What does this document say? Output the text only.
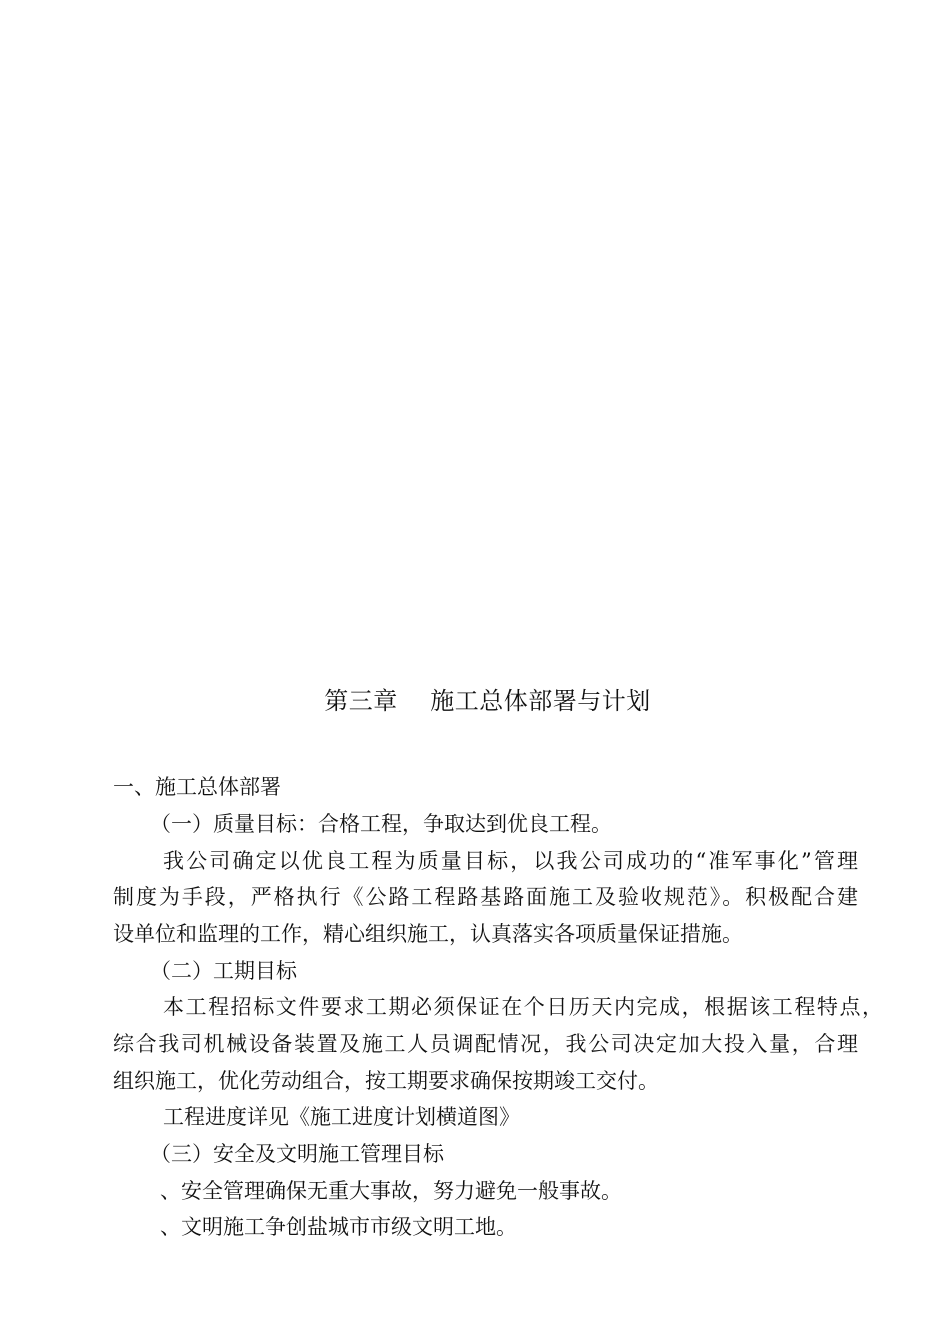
第三章    施工总体部署与计划
一、施工总体部署
（一）质量目标：合格工程，争取达到优良工程。
我公司确定以优良工程为质量目标，以我公司成功的“准军事化”管理
制度为手段，严格执行《公路工程路基路面施工及验收规范》。积极配合建
设单位和监理的工作，精心组织施工，认真落实各项质量保证措施。
（二）工期目标
本工程招标文件要求工期必须保证在个日历天内完成，根据该工程特点，
综合我司机械设备装置及施工人员调配情况，我公司决定加大投入量，合理
组织施工，优化劳动组合，按工期要求确保按期竣工交付。
工程进度详见《施工进度计划横道图》
（三）安全及文明施工管理目标
、安全管理确保无重大事故，努力避免一般事故。
、文明施工争创盐城市市级文明工地。
